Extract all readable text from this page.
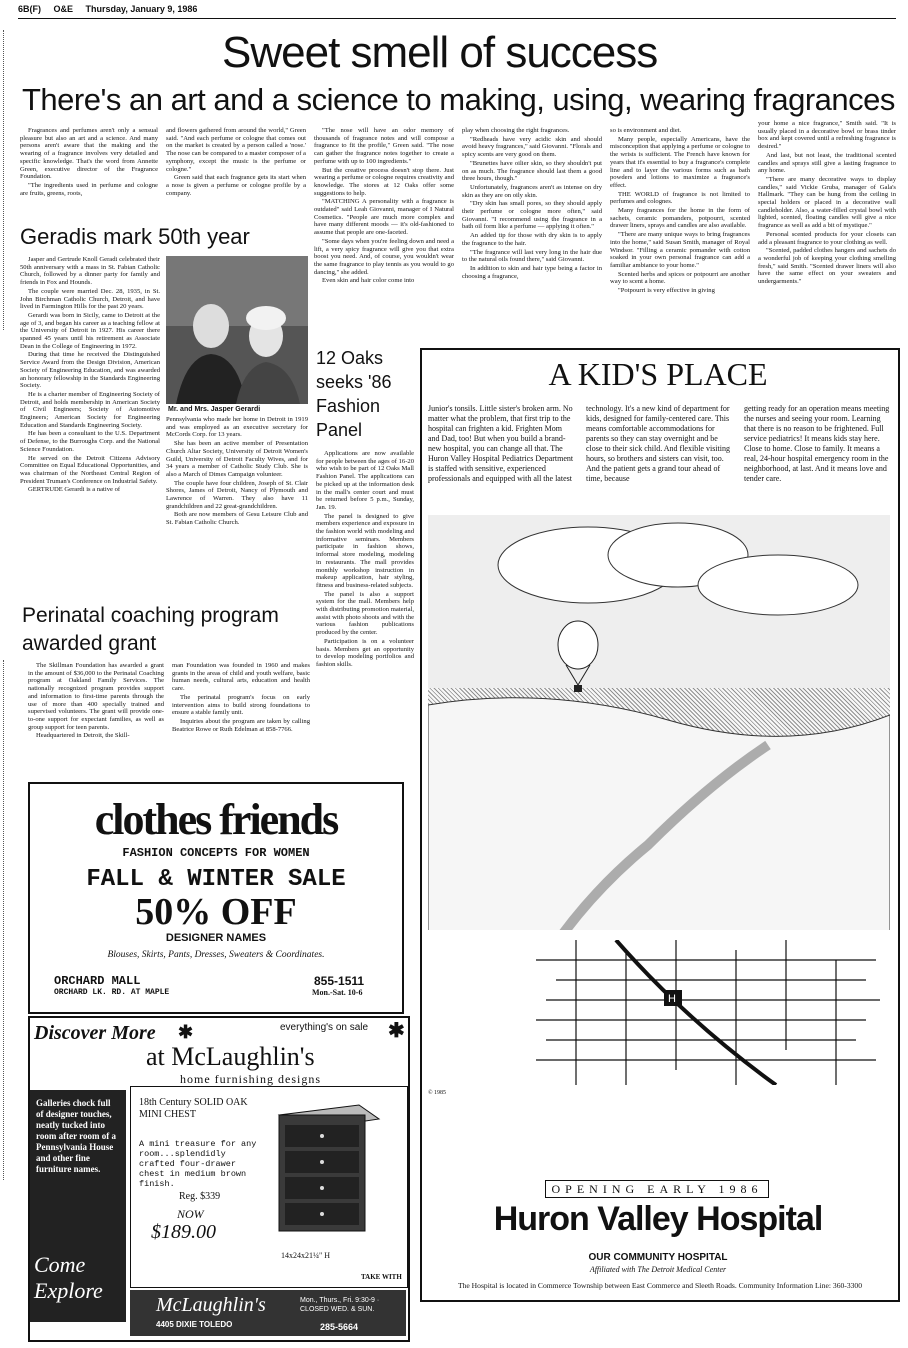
6B(F) O&E Thursday, January 9, 1986
Sweet smell of success
There's an art and a science to making, using, wearing fragrances

Fragrances and perfumes aren't only a sensual pleasure but also an art and a science. And many persons aren't aware that the making and the wearing of a fragrance involves very detailed and specific knowledge. That's the word from Annette Green, executive director of the Fragrance Foundation.

"The ingredients used in perfume and cologne are fruits, greens, roots,

and flowers gathered from around the world," Green said. "And each perfume or cologne that comes out on the market is created by a person called a 'nose.' The nose can be compared to a master composer of a symphony, except the music is the perfume or cologne."

Green said that each fragrance gets its start when a nose is given a perfume or cologne profile by a company.

"The nose will have an odor memory of thousands of fragrance notes and will compose a fragrance to fit the profile," Green said. "The nose can gather the fragrance notes together to create a perfume with up to 100 ingredients."

But the creative process doesn't stop there. Just wearing a perfume or cologne requires creativity and knowledge. The stores at 12 Oaks offer some suggestions to help.

"MATCHING A personality with a fragrance is outdated" said Leah Giovanni, manager of I Natural Cosmetics. "People are much more complex and have many different moods — it's old-fashioned to assume that people are one-faceted.

"Some days when you're feeling down and need a lift, a very spicy fragrance will give you that extra boost you need. And, of course, you wouldn't wear the same fragrance to play tennis as you would to go dancing," she added.

Even skin and hair color come into

play when choosing the right fragrances.

"Redheads have very acidic skin and should avoid heavy fragrances," said Giovanni. "Florals and spicy scents are very good on them.

"Brunettes have oilier skin, so they shouldn't put on as much. The fragrance should last them a good three hours, though."

Unfortunately, fragrances aren't as intense on dry skin as they are on oily skin.

"Dry skin has small pores, so they should apply their perfume or cologne more often," said Giovanni. "I recommend using the fragrance in a bath oil form like a perfume — applying it often."

An added tip for those with dry skin is to apply the fragrance to the hair.

"The fragrance will last very long in the hair due to the natural oils found there," said Giovanni.

In addition to skin and hair type being a factor in choosing a fragrance,

so is environment and diet.

Many people, especially Americans, have the misconception that applying a perfume or cologne to the wrists is sufficient. The French have known for years that it's essential to buy a fragrance's complete line and to layer the various forms such as bath powders and lotions to maximize a fragrance's effect.

THE WORLD of fragrance is not limited to perfumes and colognes.

Many fragrances for the home in the form of sachets, ceramic pomanders, potpourri, scented drawer liners, sprays and candles are also available.

"There are many unique ways to bring fragrances into the home," said Susan Smith, manager of Royal Windsor. "Filling a ceramic pomander with cotton soaked in your own personal fragrance can add a familiar ambiance to your home."

Scented herbs and spices or potpourri are another way to scent a home.

"Potpourri is very effective in giving

your home a nice fragrance," Smith said. "It is usually placed in a decorative bowl or brass tinder box and kept covered until a refreshing fragrance is desired."

And last, but not least, the traditional scented candles and sprays still give a lasting fragrance to any home.

"There are many decorative ways to display candles," said Vickie Gruba, manager of Gala's Hallmark. "They can be hung from the ceiling in special holders or placed in a decorative wall candleholder. Also, a water-filled crystal bowl with lighted, scented, floating candles will give a nice fragrance as well as add a bit of mystique."

Personal scented products for your closets can add a pleasant fragrance to your clothing as well.

"Scented, padded clothes hangers and sachets do a wonderful job of keeping your clothing smelling fresh," said Smith. "Scented drawer liners will also have the same effect on your sweaters and undergarments."

Geradis mark 50th year

Jasper and Gertrude Knoll Geradi celebrated their 50th anniversary with a mass in St. Fabian Catholic Church, followed by a dinner party for family and friends in Fox and Hounds.

The couple were married Dec. 28, 1935, in St. John Birchman Catholic Church, Detroit, and have lived in Farmington Hills for the past 20 years.

Gerardi was born in Sicily, came to Detroit at the age of 3, and began his career as a teaching fellow at the University of Detroit in 1927. His career there spanned 45 years until his retirement as Associate Dean in the College of Engineering in 1972.

During that time he received the Distinguished Service Award from the Design Division, American Society of Engineering Education, and was awarded an honorary fellowship in the Standards Engineering Society.

He is a charter member of Engineering Society of Detroit, and holds membership in American Society of Civil Engineers; Society of Automotive Engineers; American Society for Engineering Education and Standards Engineering Society.

He has been a consultant to the U.S. Department of Defense, to the Burroughs Corp. and the National Science Foundation.

He served on the Detroit Citizens Advisory Committee on Equal Educational Opportunities, and was chairman of the Northeast Central Region of President Truman's Conference on Industrial Safety.

GERTRUDE Gerardi is a native of

Mr. and Mrs. Jasper Gerardi

Pennsylvania who made her home in Detroit in 1919 and was employed as an executive secretary for McCords Corp. for 13 years.

She has been an active member of Presentation Church Altar Society, University of Detroit Women's Guild, University of Detroit Faculty Wives, and for 34 years a member of Catholic Study Club. She is also a March of Dimes Campaign volunteer.

The couple have four children, Joseph of St. Clair Shores, James of Detroit, Nancy of Plymouth and Lawrence of Warren. They also have 11 grandchildren and 22 great-grandchildren.

Both are now members of Gesu Leisure Club and St. Fabian Catholic Church.

12 Oaks seeks '86 Fashion Panel

Applications are now available for people between the ages of 16-20 who wish to be part of 12 Oaks Mall Fashion Panel. The applications can be picked up at the information desk in the mall's center court and must be returned before 5 p.m., Sunday, Jan. 19.

The panel is designed to give members experience and exposure in the fashion world with modeling and informative seminars. Members participate in fashion shows, informal store modeling, modeling in restaurants. The mall provides monthly workshop instruction in makeup application, hair styling, fitness and business-related subjects.

The panel is also a support system for the mall. Members help with distributing promotion material, assist with photo shoots and with the various fashion publications produced by the center.

Participation is on a volunteer basis. Members get an opportunity to develop modeling portfolios and fashion skills.

Perinatal coaching program awarded grant

The Skillman Foundation has awarded a grant in the amount of $36,000 to the Perinatal Coaching program at Oakland Family Services. The nationally recognized program provides support and information to first-time parents through the use of more than 400 specially trained and supervised volunteers. The grant will provide one-to-one support for expectant families, as well as group support for teen parents.

Headquartered in Detroit, the Skill-

man Foundation was founded in 1960 and makes grants in the areas of child and youth welfare, basic human needs, cultural arts, education and health care.

The perinatal program's focus on early intervention aims to build strong foundations to ensure a stable family unit.

Inquiries about the program are taken by calling Beatrice Rowe or Ruth Edelman at 858-7766.

clothes friends
FASHION CONCEPTS FOR WOMEN
FALL & WINTER SALE
50% OFF
DESIGNER NAMES
Blouses, Skirts, Pants, Dresses, Sweaters & Coordinates.
ORCHARD MALL
ORCHARD LK. RD. AT MAPLE
855-1511
Mon.-Sat. 10-6
Discover More ✱	everything's on sale ✱
at McLaughlin's
home furnishing designs
Galleries chock full of designer touches, neatly tucked into room after room of a Pennsylvania House and other fine furniture names.
Come Explore
18th Century SOLID OAK MINI CHEST
A mini treasure for any room...splendidly crafted four-drawer chest in medium brown finish.
Reg. $339
NOW
$189.00
14x24x21¼" H
TAKE WITH
McLaughlin's
4405 DIXIE TOLEDO
Mon., Thurs., Fri. 9:30-9 · CLOSED WED. & SUN.
285-5664
A KID'S PLACE
Junior's tonsils. Little sister's broken arm. No matter what the problem, that first trip to the hospital can frighten a kid. Frighten Mom and Dad, too! But when you build a brand-new hospital, you can change all that. The Huron Valley Hospital Pediatrics Department is staffed with sensitive, experienced professionals and equipped with all the latest
technology. It's a new kind of department for kids, designed for family-centered care. This means comfortable accommodations for parents so they can stay overnight and be close to their sick child. And flexible visiting hours, so brothers and sisters can visit, too. And the patient gets a grand tour ahead of time, because
getting ready for an operation means meeting the nurses and seeing your room. Learning that there is no reason to be frightened. Full service pediatrics! It means kids stay here. Close to home. Close to family. It means a real, 24-hour hospital emergency room in the neighborhood, at last. And it means love and tender care.
H
© 1985
OPENING EARLY 1986
Huron Valley Hospital
OUR COMMUNITY HOSPITAL
Affiliated with The Detroit Medical Center
The Hospital is located in Commerce Township between East Commerce and Sleeth Roads. Community Information Line: 360-3300
